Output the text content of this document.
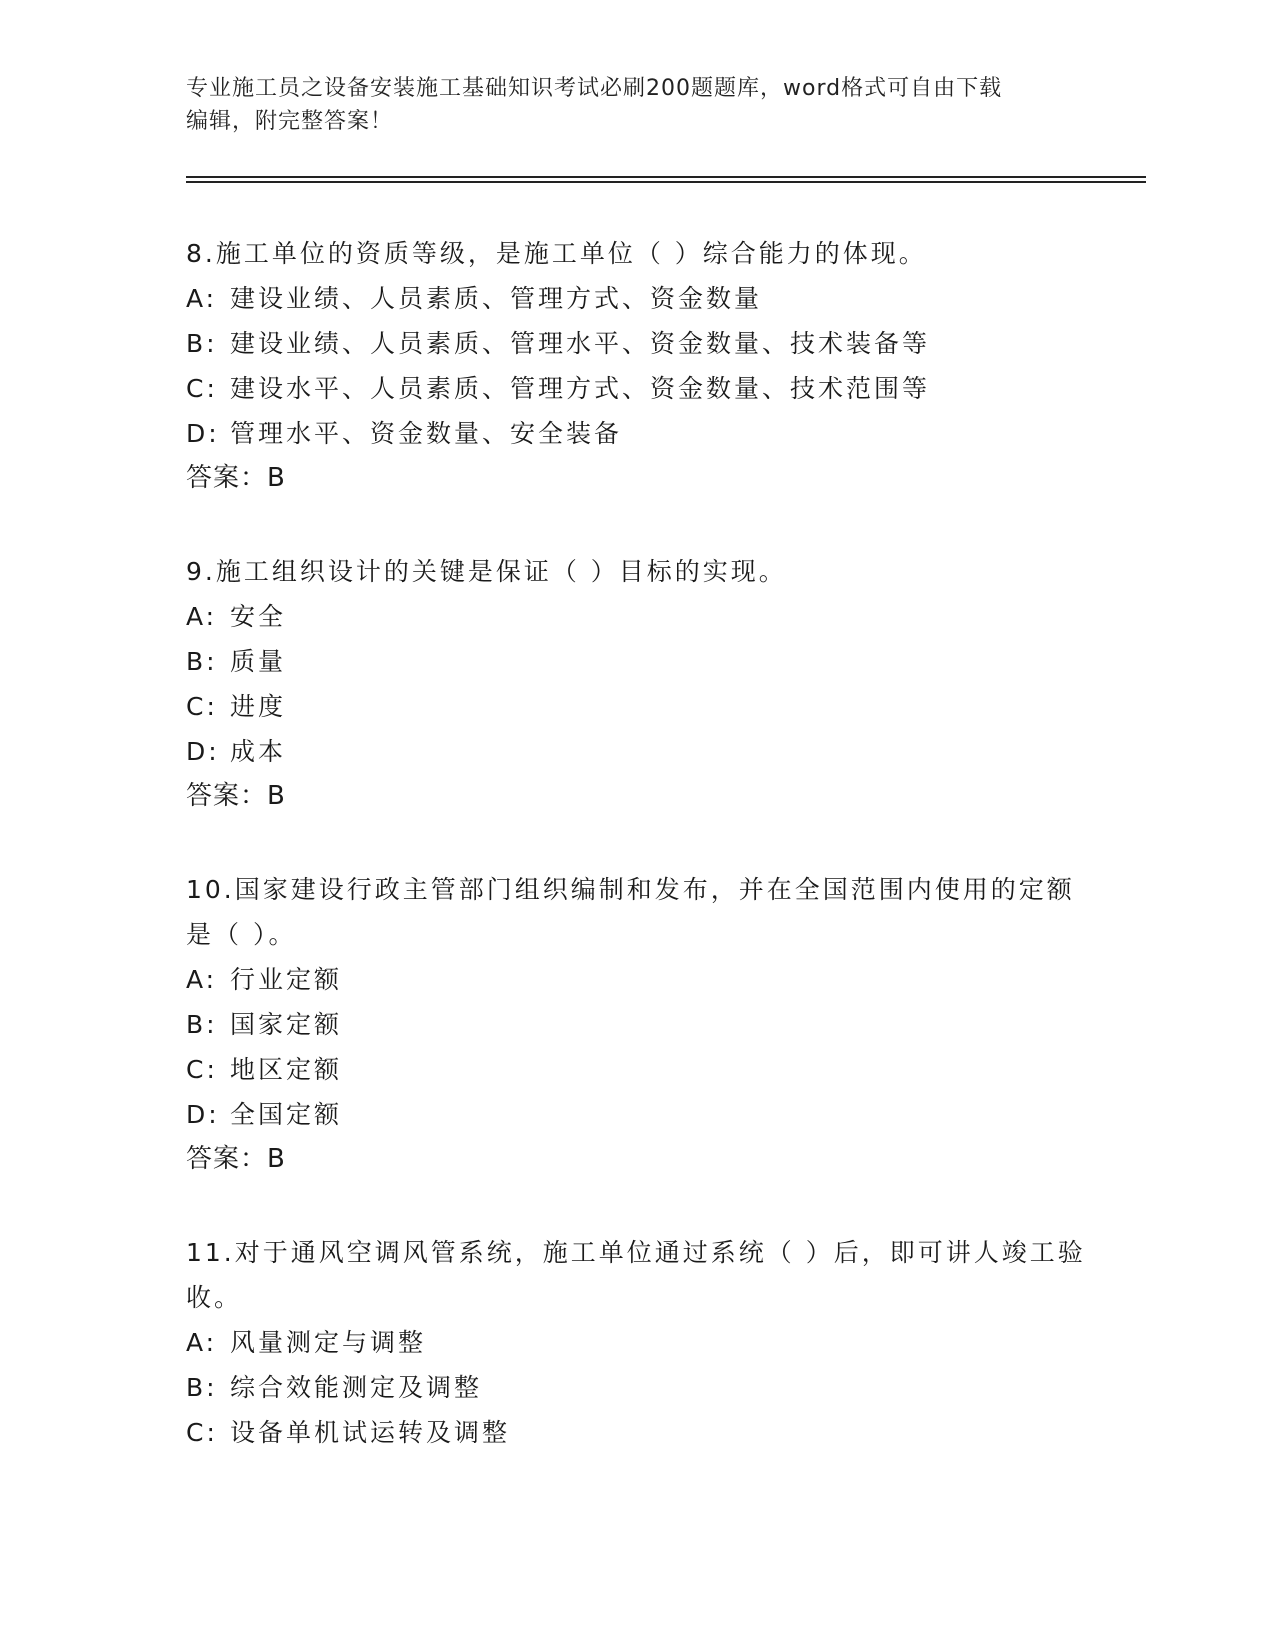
专业施工员之设备安装施工基础知识考试必刷200题题库，word格式可自由下载
编辑，附完整答案！
8.施工单位的资质等级，是施工单位（ ）综合能力的体现。
A: 建设业绩、人员素质、管理方式、资金数量
B: 建设业绩、人员素质、管理水平、资金数量、技术装备等
C: 建设水平、人员素质、管理方式、资金数量、技术范围等
D: 管理水平、资金数量、安全装备
答案：B
9.施工组织设计的关键是保证（ ）目标的实现。
A: 安全
B: 质量
C: 进度
D: 成本
答案：B
10.国家建设行政主管部门组织编制和发布，并在全国范围内使用的定额是（ ）。
A: 行业定额
B: 国家定额
C: 地区定额
D: 全国定额
答案：B
11.对于通风空调风管系统，施工单位通过系统（ ）后，即可讲人竣工验收。
A: 风量测定与调整
B: 综合效能测定及调整
C: 设备单机试运转及调整
